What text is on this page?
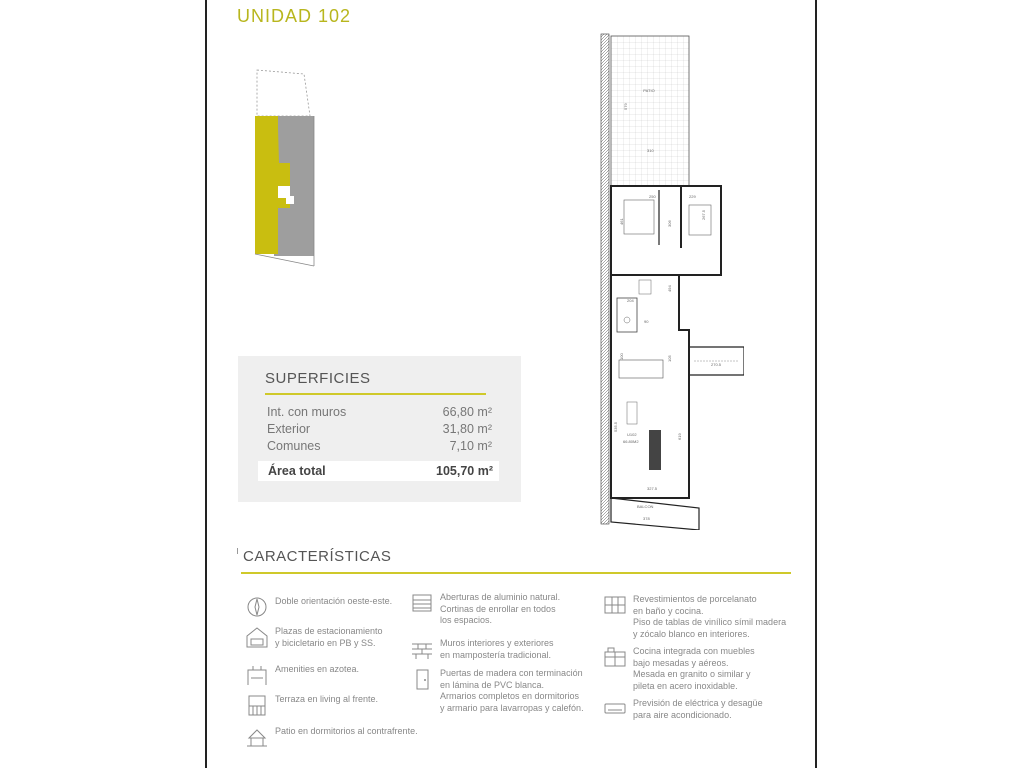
UNIDAD 102
SUPERFICIES
Int. con muros	66,80 m²
Exterior	31,80 m²
Comunes	7,10 m²
Área total	105,70 m²
PATIO
579
310
250	229
461	306
267.5
204
494
90
100	105
270.5
U102
66.80M2
535.5
619
327.5
BALCON
378
CARACTERÍSTICAS
Doble orientación oeste-este.
Plazas de estacionamiento
y bicicletario en PB y SS.
Amenities en azotea.
Terraza en living al frente.
Patio en dormitorios al contrafrente.
Aberturas de aluminio natural.
Cortinas de enrollar en todos
los espacios.
Muros interiores y exteriores
en mampostería tradicional.
Puertas de madera con terminación
en lámina de PVC blanca.
Armarios completos en dormitorios
y armario para lavarropas y calefón.
Revestimientos de porcelanato
en baño y cocina.
Piso de tablas de vinílico símil madera
y zócalo blanco en interiores.
Cocina integrada con muebles
bajo mesadas y aéreos.
Mesada en granito o similar y
pileta en acero inoxidable.
Previsión de eléctrica y desagüe
para aire acondicionado.
